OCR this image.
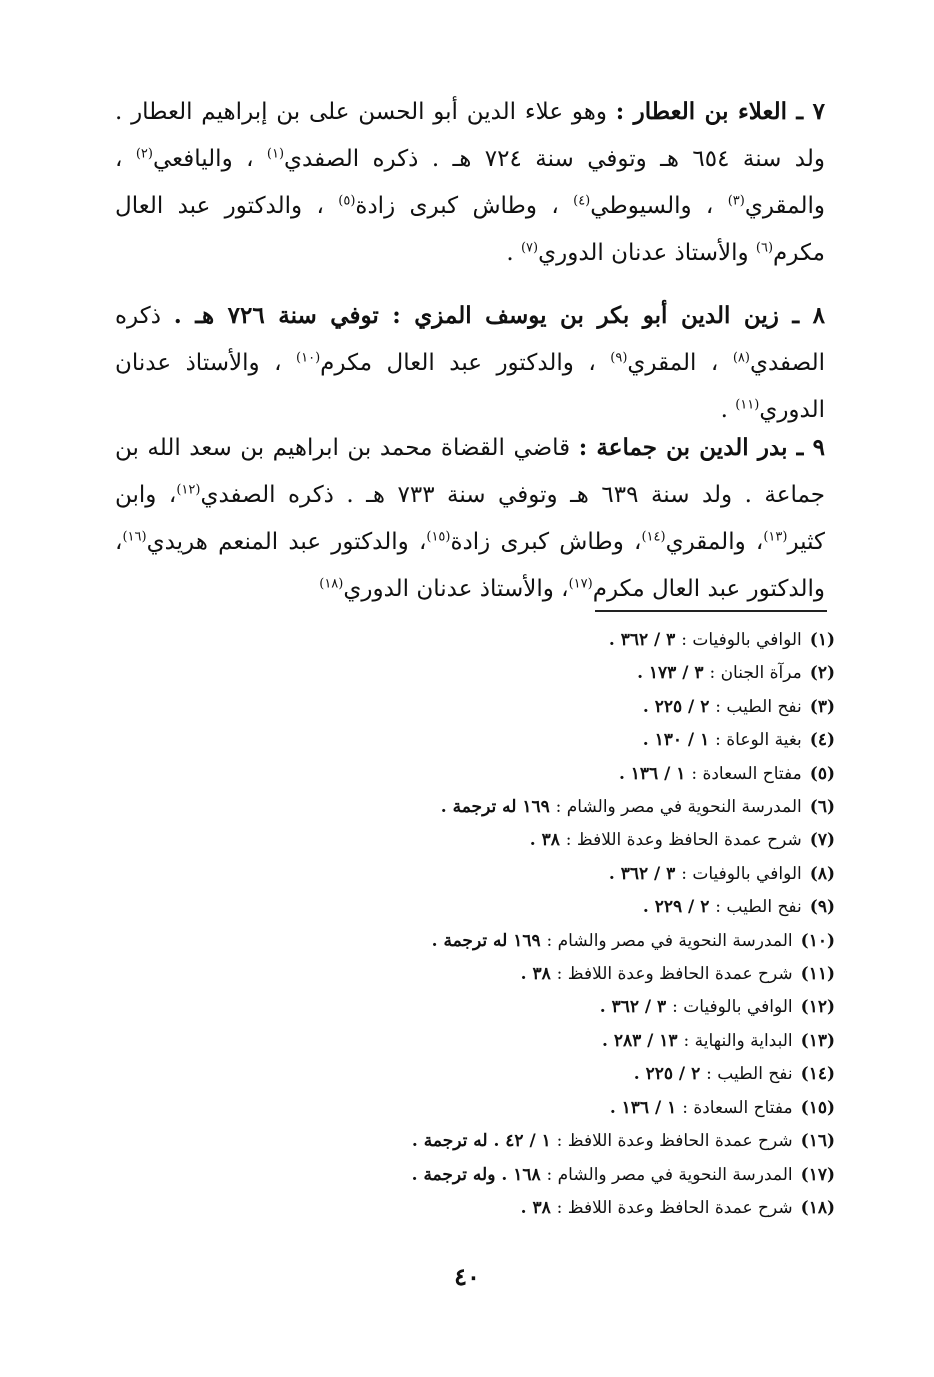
٧ ـ العلاء بن العطار : وهو علاء الدين أبو الحسن على بن إبراهيم العطار . ولد سنة ٦٥٤ هـ وتوفي سنة ٧٢٤ هـ . ذكره الصفدي$^{(١)}$ ، واليافعي$^{(٢)}$ ، والمقري$^{(٣)}$ ، والسيوطي$^{(٤)}$ ، وطاش كبرى زادة$^{(٥)}$ ، والدكتور عبد العال مكرم$^{(٦)}$ والأستاذ عدنان الدوري$^{(٧)}$ .

٨ ـ زين الدين أبو بكر بن يوسف المزي : توفي سنة ٧٢٦ هـ . ذكره الصفدي$^{(٨)}$ ، المقري$^{(٩)}$ ، والدكتور عبد العال مكرم$^{(١٠)}$ ، والأستاذ عدنان الدوري$^{(١١)}$ .

٩ ـ بدر الدين بن جماعة : قاضي القضاة محمد بن ابراهيم بن سعد الله بن جماعة . ولد سنة ٦٣٩ هـ وتوفي سنة ٧٣٣ هـ . ذكره الصفدي$^{(١٢)}$، وابن كثير$^{(١٣)}$، والمقري$^{(١٤)}$، وطاش كبرى زادة$^{(١٥)}$، والدكتور عبد المنعم هريدي$^{(١٦)}$، والدكتور عبد العال مكرم$^{(١٧)}$، والأستاذ عدنان الدوري$^{(١٨)}$

(١)الوافي بالوفيات : ٣ / ٣٦٢ .
(٢)مرآة الجنان : ٣ / ١٧٣ .
(٣)نفح الطيب : ٢ / ٢٢٥ .
(٤)بغية الوعاة : ١ / ١٣٠ .
(٥)مفتاح السعادة : ١ / ١٣٦ .
(٦)المدرسة النحوية في مصر والشام : ١٦٩ له ترجمة .
(٧)شرح عمدة الحافظ وعدة اللافظ : ٣٨ .
(٨)الوافي بالوفيات : ٣ / ٣٦٢ .
(٩)نفح الطيب : ٢ / ٢٢٩ .
(١٠)المدرسة النحوية في مصر والشام : ١٦٩ له ترجمة .
(١١)شرح عمدة الحافظ وعدة اللافظ : ٣٨ .
(١٢)الوافي بالوفيات : ٣ / ٣٦٢ .
(١٣)البداية والنهاية : ١٣ / ٢٨٣ .
(١٤)نفح الطيب : ٢ / ٢٢٥ .
(١٥)مفتاح السعادة : ١ / ١٣٦ .
(١٦)شرح عمدة الحافظ وعدة اللافظ : ١ / ٤٢ . له ترجمة .
(١٧)المدرسة النحوية في مصر والشام : ١٦٨ . وله ترجمة .
(١٨)شرح عمدة الحافظ وعدة اللافظ : ٣٨ .
٤٠
